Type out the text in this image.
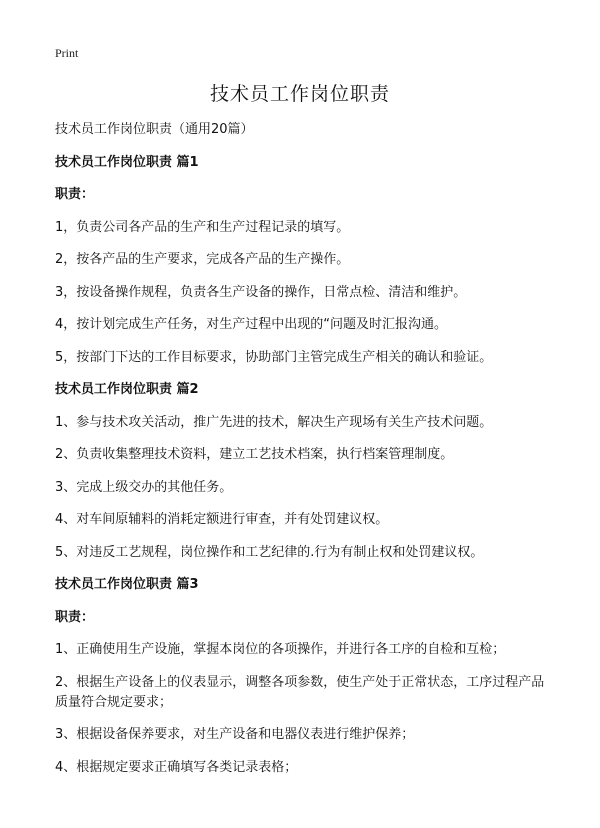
Print
技术员工作岗位职责
技术员工作岗位职责（通用20篇）
技术员工作岗位职责 篇1
职责：
1，负责公司各产品的生产和生产过程记录的填写。
2，按各产品的生产要求，完成各产品的生产操作。
3，按设备操作规程，负责各生产设备的操作，日常点检、清洁和维护。
4，按计划完成生产任务，对生产过程中出现的“问题及时汇报沟通。
5，按部门下达的工作目标要求，协助部门主管完成生产相关的确认和验证。
技术员工作岗位职责 篇2
1、参与技术攻关活动，推广先进的技术，解决生产现场有关生产技术问题。
2、负责收集整理技术资料，建立工艺技术档案，执行档案管理制度。
3、完成上级交办的其他任务。
4、对车间原辅料的消耗定额进行审查，并有处罚建议权。
5、对违反工艺规程，岗位操作和工艺纪律的.行为有制止权和处罚建议权。
技术员工作岗位职责 篇3
职责：
1、正确使用生产设施，掌握本岗位的各项操作，并进行各工序的自检和互检；
2、根据生产设备上的仪表显示，调整各项参数，使生产处于正常状态，工序过程产品质量符合规定要求；
3、根据设备保养要求，对生产设备和电器仪表进行维护保养；
4、根据规定要求正确填写各类记录表格；
